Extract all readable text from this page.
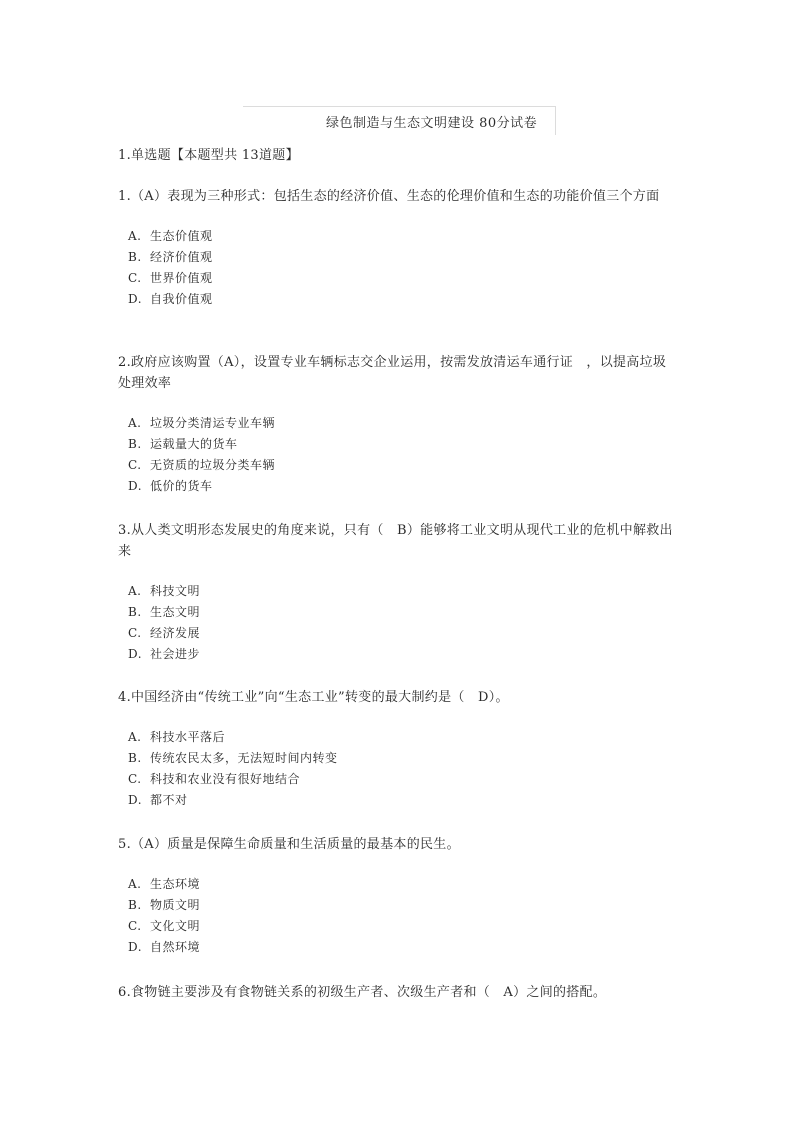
绿色制造与生态文明建设 80分试卷
1.单选题【本题型共 13道题】

1.（A）表现为三种形式：包括生态的经济价值、生态的伦理价值和生态的功能价值三个方面

A. 生态价值观
B. 经济价值观
C. 世界价值观
D. 自我价值观

2.政府应该购置（A），设置专业车辆标志交企业运用，按需发放清运车通行证　，以提高垃圾处理效率

A. 垃圾分类清运专业车辆
B. 运载量大的货车
C. 无资质的垃圾分类车辆
D. 低价的货车

3.从人类文明形态发展史的角度来说，只有（　B）能够将工业文明从现代工业的危机中解救出来

A. 科技文明
B. 生态文明
C. 经济发展
D. 社会进步

4.中国经济由“传统工业”向“生态工业”转变的最大制约是（　D）。

A. 科技水平落后
B. 传统农民太多，无法短时间内转变
C. 科技和农业没有很好地结合
D. 都不对

5.（A）质量是保障生命质量和生活质量的最基本的民生。

A. 生态环境
B. 物质文明
C. 文化文明
D. 自然环境

6.食物链主要涉及有食物链关系的初级生产者、次级生产者和（　A）之间的搭配。
